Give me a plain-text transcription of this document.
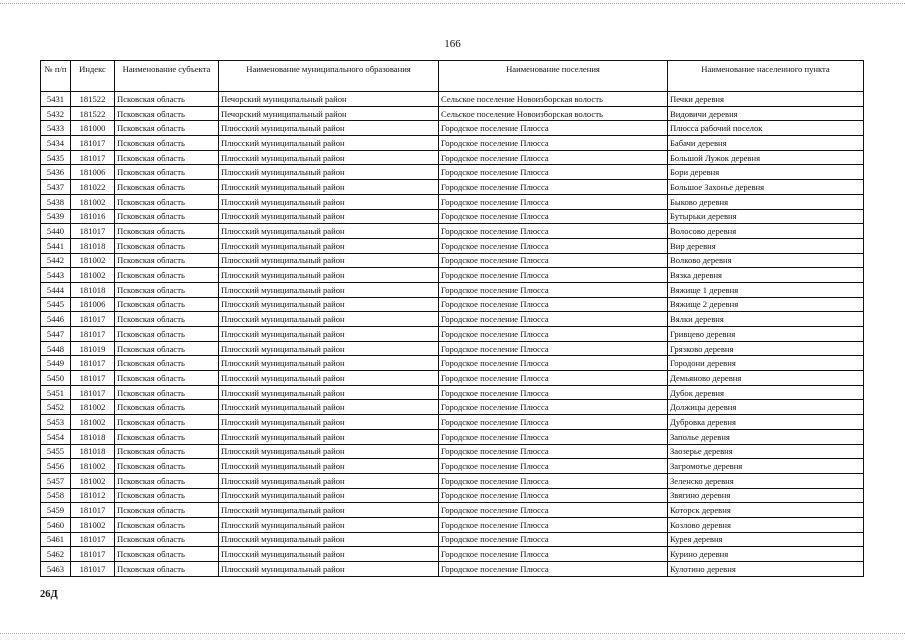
166
№ п/п	Индекс	Наименование субъекта	Наименование муниципального образования	Наименование поселения	Наименование населенного пункта
5431	181522	Псковская область	Печорский муниципальный район	Сельское поселение Новоизборская волость	Печки деревня
5432	181522	Псковская область	Печорский муниципальный район	Сельское поселение Новоизборская волость	Видовичи деревня
5433	181000	Псковская область	Плюсский муниципальный район	Городское поселение Плюсса	Плюсса рабочий поселок
5434	181017	Псковская область	Плюсский муниципальный район	Городское поселение Плюсса	Бабачи деревня
5435	181017	Псковская область	Плюсский муниципальный район	Городское поселение Плюсса	Большой Лужок деревня
5436	181006	Псковская область	Плюсский муниципальный район	Городское поселение Плюсса	Бори деревня
5437	181022	Псковская область	Плюсский муниципальный район	Городское поселение Плюсса	Большое Захонье деревня
5438	181002	Псковская область	Плюсский муниципальный район	Городское поселение Плюсса	Быково деревня
5439	181016	Псковская область	Плюсский муниципальный район	Городское поселение Плюсса	Бутырьки деревня
5440	181017	Псковская область	Плюсский муниципальный район	Городское поселение Плюсса	Волосово деревня
5441	181018	Псковская область	Плюсский муниципальный район	Городское поселение Плюсса	Вир деревня
5442	181002	Псковская область	Плюсский муниципальный район	Городское поселение Плюсса	Волково деревня
5443	181002	Псковская область	Плюсский муниципальный район	Городское поселение Плюсса	Вязка деревня
5444	181018	Псковская область	Плюсский муниципальный район	Городское поселение Плюсса	Вяжище 1 деревня
5445	181006	Псковская область	Плюсский муниципальный район	Городское поселение Плюсса	Вяжище 2 деревня
5446	181017	Псковская область	Плюсский муниципальный район	Городское поселение Плюсса	Вялки деревня
5447	181017	Псковская область	Плюсский муниципальный район	Городское поселение Плюсса	Гривцево деревня
5448	181019	Псковская область	Плюсский муниципальный район	Городское поселение Плюсса	Грязково деревня
5449	181017	Псковская область	Плюсский муниципальный район	Городское поселение Плюсса	Городони деревня
5450	181017	Псковская область	Плюсский муниципальный район	Городское поселение Плюсса	Демьяново деревня
5451	181017	Псковская область	Плюсский муниципальный район	Городское поселение Плюсса	Дубок деревня
5452	181002	Псковская область	Плюсский муниципальный район	Городское поселение Плюсса	Должицы деревня
5453	181002	Псковская область	Плюсский муниципальный район	Городское поселение Плюсса	Дубровка деревня
5454	181018	Псковская область	Плюсский муниципальный район	Городское поселение Плюсса	Заполье деревня
5455	181018	Псковская область	Плюсский муниципальный район	Городское поселение Плюсса	Заозерье деревня
5456	181002	Псковская область	Плюсский муниципальный район	Городское поселение Плюсса	Загромотье деревня
5457	181002	Псковская область	Плюсский муниципальный район	Городское поселение Плюсса	Зеленско деревня
5458	181012	Псковская область	Плюсский муниципальный район	Городское поселение Плюсса	Звягино деревня
5459	181017	Псковская область	Плюсский муниципальный район	Городское поселение Плюсса	Которск деревня
5460	181002	Псковская область	Плюсский муниципальный район	Городское поселение Плюсса	Козлово деревня
5461	181017	Псковская область	Плюсский муниципальный район	Городское поселение Плюсса	Курея деревня
5462	181017	Псковская область	Плюсский муниципальный район	Городское поселение Плюсса	Курино деревня
5463	181017	Псковская область	Плюсский муниципальный район	Городское поселение Плюсса	Кулотино деревня
26Д
